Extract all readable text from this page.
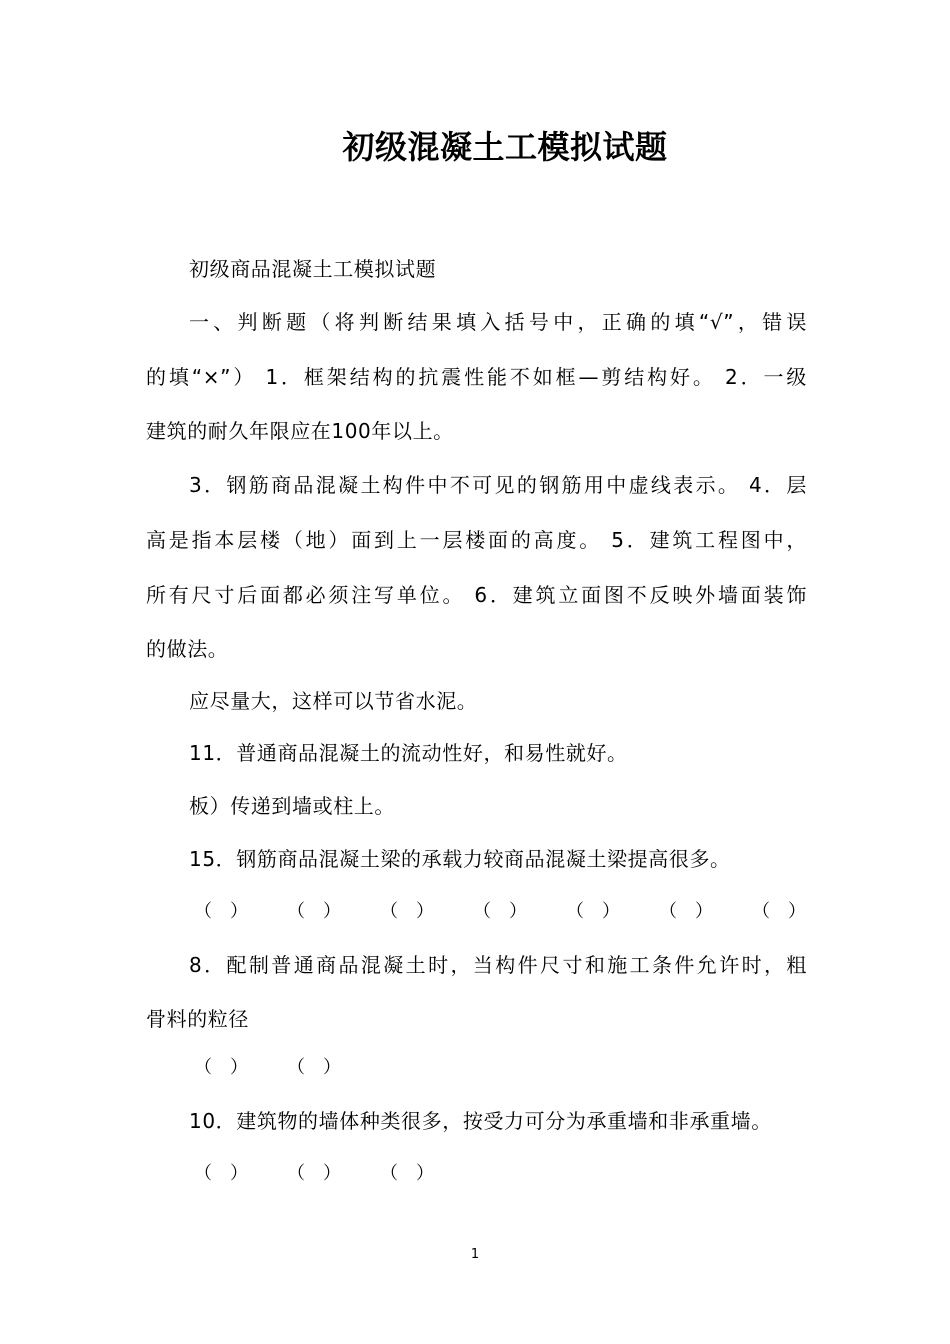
初级混凝土工模拟试题
初级商品混凝土工模拟试题
一、判断题（将判断结果填入括号中，正确的填“√”，错误
的填“×”） 1．框架结构的抗震性能不如框—剪结构好。 2．一级
建筑的耐久年限应在100年以上。
3．钢筋商品混凝土构件中不可见的钢筋用中虚线表示。 4．层
高是指本层楼（地）面到上一层楼面的高度。 5．建筑工程图中，
所有尺寸后面都必须注写单位。 6．建筑立面图不反映外墙面装饰
的做法。
应尽量大，这样可以节省水泥。
11．普通商品混凝土的流动性好，和易性就好。
板）传递到墙或柱上。
15．钢筋商品混凝土梁的承载力较商品混凝土梁提高很多。
（　）	（　）	（　）	（　）	（　）	（　）	（　）
8．配制普通商品混凝土时，当构件尺寸和施工条件允许时，粗
骨料的粒径
（　）	（　）
10．建筑物的墙体种类很多，按受力可分为承重墙和非承重墙。
（　）	（　）	（　）
1
